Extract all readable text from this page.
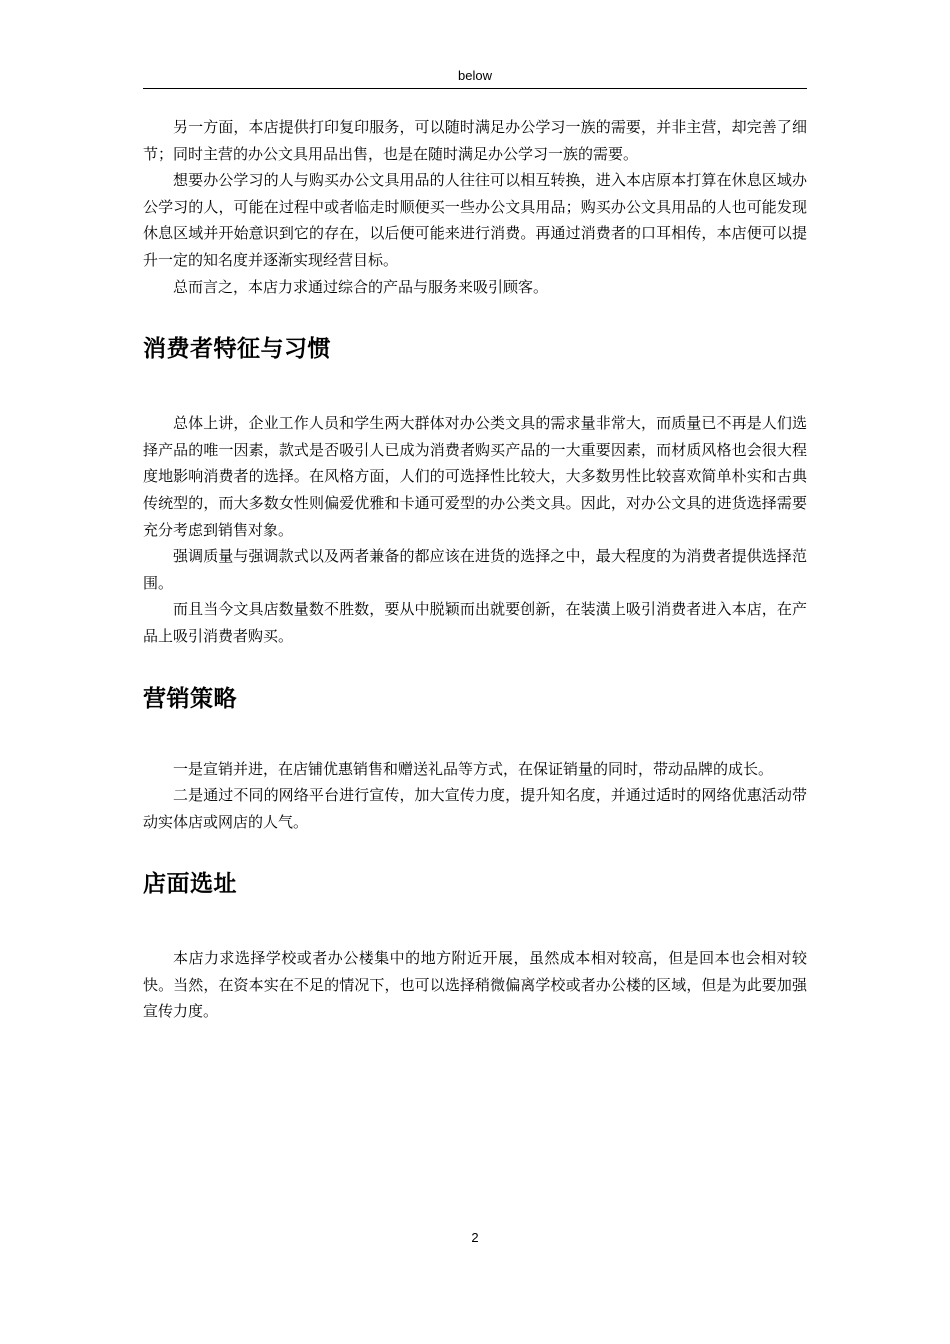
below

另一方面，本店提供打印复印服务，可以随时满足办公学习一族的需要，并非主营，却完善了细节；同时主营的办公文具用品出售，也是在随时满足办公学习一族的需要。

想要办公学习的人与购买办公文具用品的人往往可以相互转换，进入本店原本打算在休息区域办公学习的人，可能在过程中或者临走时顺便买一些办公文具用品；购买办公文具用品的人也可能发现休息区域并开始意识到它的存在，以后便可能来进行消费。再通过消费者的口耳相传，本店便可以提升一定的知名度并逐渐实现经营目标。

总而言之，本店力求通过综合的产品与服务来吸引顾客。

消费者特征与习惯

总体上讲，企业工作人员和学生两大群体对办公类文具的需求量非常大，而质量已不再是人们选择产品的唯一因素，款式是否吸引人已成为消费者购买产品的一大重要因素，而材质风格也会很大程度地影响消费者的选择。在风格方面，人们的可选择性比较大，大多数男性比较喜欢简单朴实和古典传统型的，而大多数女性则偏爱优雅和卡通可爱型的办公类文具。因此，对办公文具的进货选择需要充分考虑到销售对象。

强调质量与强调款式以及两者兼备的都应该在进货的选择之中，最大程度的为消费者提供选择范围。

而且当今文具店数量数不胜数，要从中脱颖而出就要创新，在装潢上吸引消费者进入本店，在产品上吸引消费者购买。

营销策略

一是宣销并进，在店铺优惠销售和赠送礼品等方式，在保证销量的同时，带动品牌的成长。

二是通过不同的网络平台进行宣传，加大宣传力度，提升知名度，并通过适时的网络优惠活动带动实体店或网店的人气。

店面选址

本店力求选择学校或者办公楼集中的地方附近开展，虽然成本相对较高，但是回本也会相对较快。当然，在资本实在不足的情况下，也可以选择稍微偏离学校或者办公楼的区域，但是为此要加强宣传力度。

2
